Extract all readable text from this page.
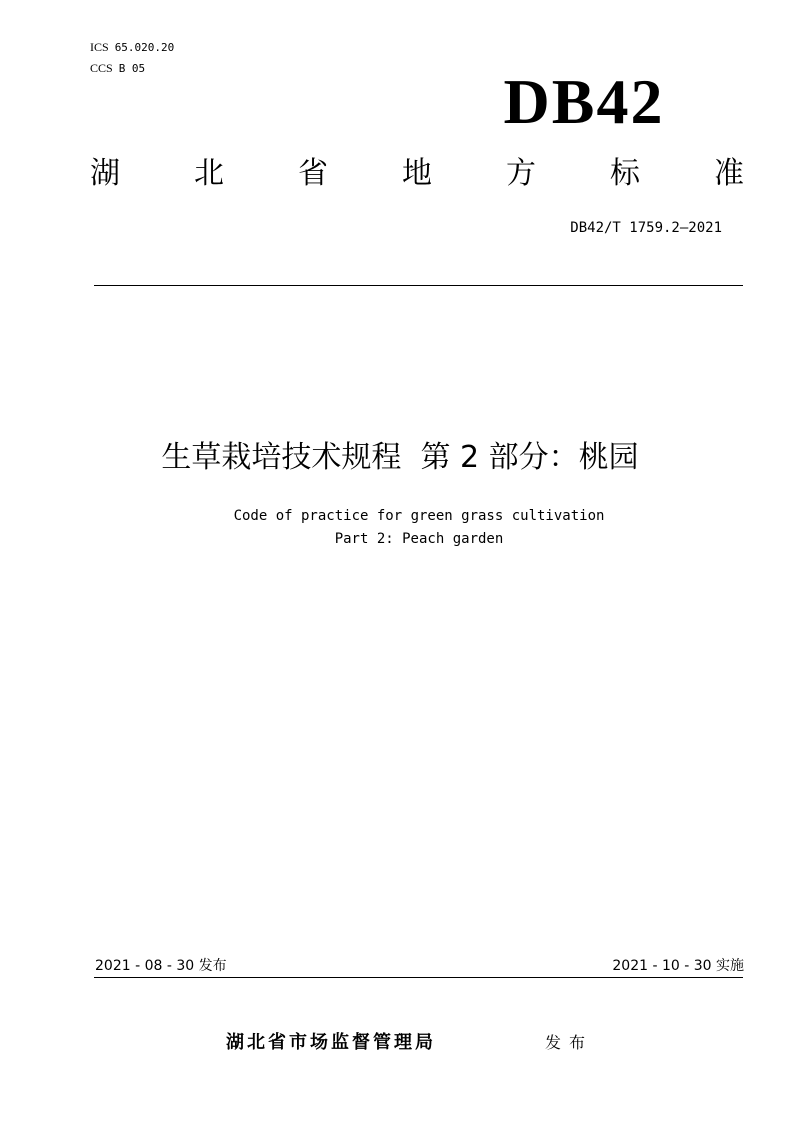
ICS 65.020.20
CCS B 05	DB42
湖 北 省 地 方 标 准
DB42/T 1759.2—2021
生草栽培技术规程  第 2 部分：桃园
Code of practice for green grass cultivation
Part 2: Peach garden
2021 - 08 - 30 发布	2021 - 10 - 30 实施
湖北省市场监督管理局	发布
